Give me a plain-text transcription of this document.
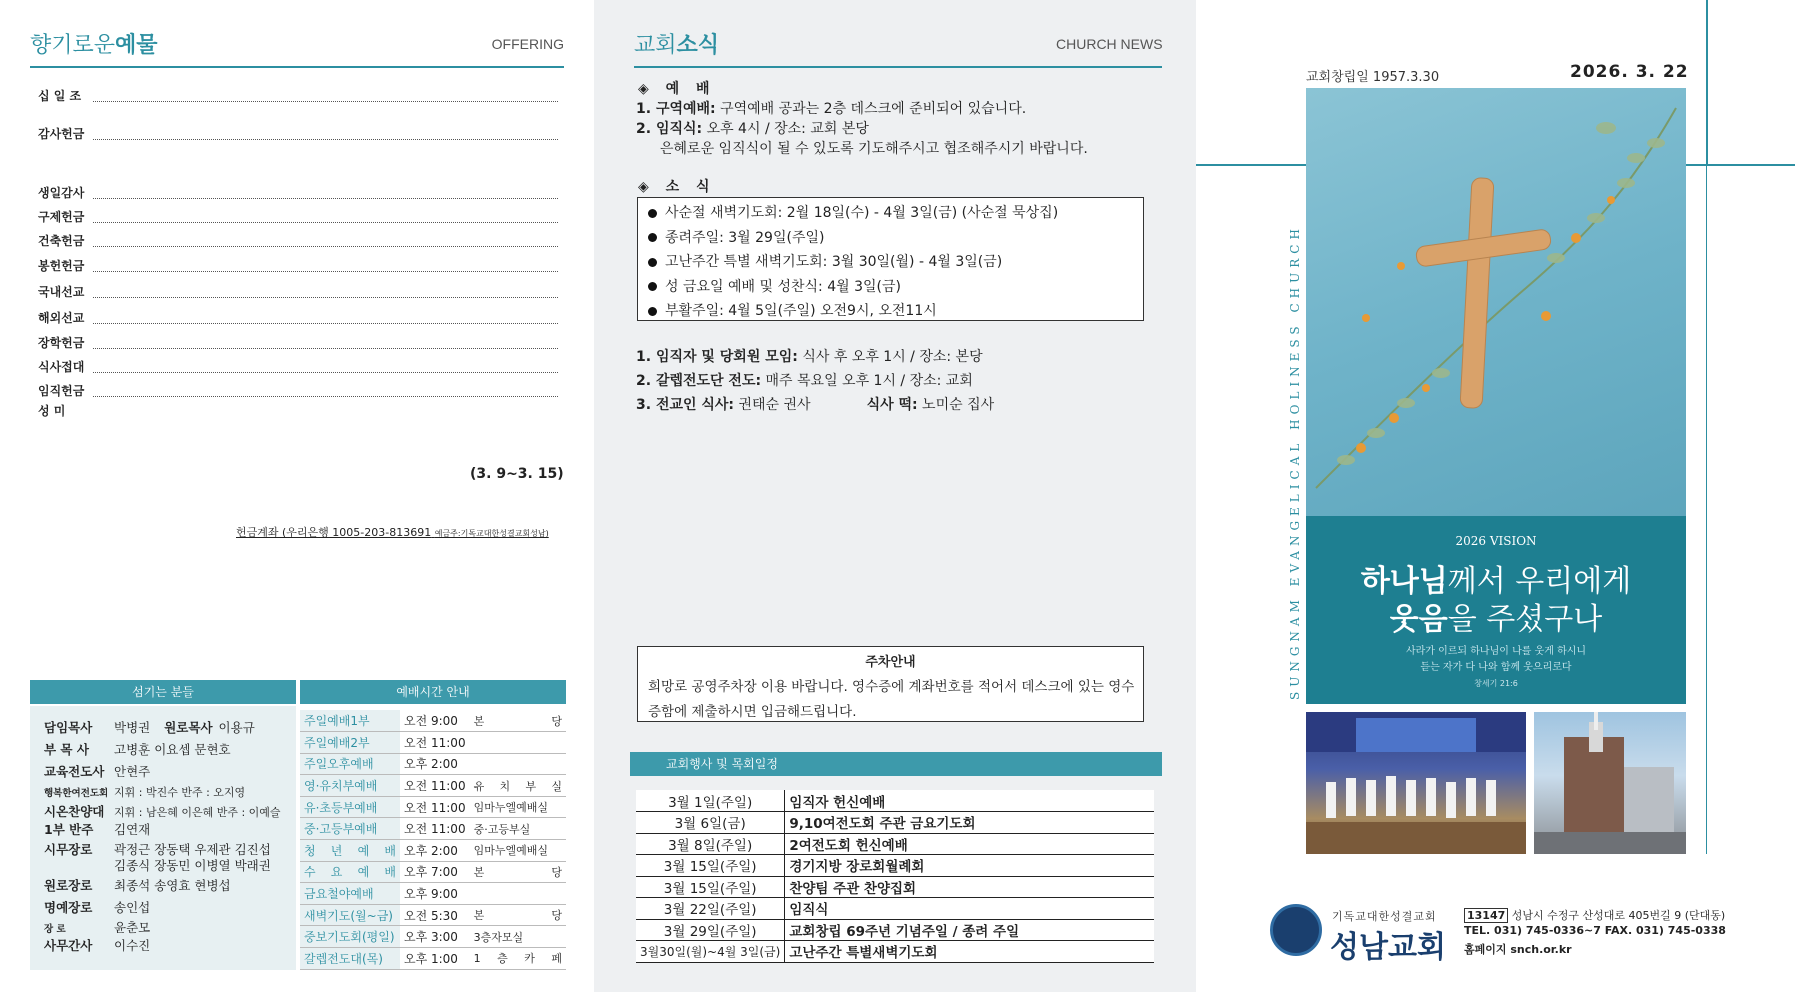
향기로운예물	OFFERING
십 일 조
감사헌금
생일감사
구제헌금
건축헌금
봉헌헌금
국내선교
해외선교
장학헌금
식사접대
임직헌금
성 미
(3. 9~3. 15)
헌금계좌 (우리은행 1005-203-813691 예금주:기독교대한성결교회성남)
섬기는 분들	예배시간 안내
담임목사 박병권 원로목사 이용규
부 목 사 고병훈 이요셉 문현호
교육전도사 안현주
행복한여전도회 지휘 : 박진수 반주 : 오지영
시온찬양대 지휘 : 남은혜 이은혜 반주 : 이예슬
1부 반주 김연재
시무장로 곽정근 장동택 우제관 김진섭
김종식 장동민 이병열 박래권
원로장로 최종석 송영효 현병섭
명예장로 송인섭
장 로	윤춘모
사무간사 이수진
주일예배1부	오전 9:00	본 당
주일예배2부	오전 11:00	
주일오후예배	오후 2:00	
영·유치부예배	오전 11:00	유 치 부 실
유·초등부예배	오전 11:00	임마누엘예배실
중·고등부예배	오전 11:00	중·고등부실
청 년 예 배	오후 2:00	임마누엘예배실
수 요 예 배	오후 7:00	본 당
금요철야예배	오후 9:00	
새벽기도(월~금)	오전 5:30	본 당
중보기도회(평일)	오후 3:00	3층자모실
갈렙전도대(목)	오후 1:00	1 층 카 페
교회소식	CHURCH NEWS
◈ 예 배
1. 구역예배: 구역예배 공과는 2층 데스크에 준비되어 있습니다.
2. 임직식: 오후 4시 / 장소: 교회 본당
은혜로운 임직식이 될 수 있도록 기도해주시고 협조해주시기 바랍니다.
◈ 소 식
사순절 새벽기도회: 2월 18일(수) - 4월 3일(금) (사순절 묵상집)
종려주일: 3월 29일(주일)
고난주간 특별 새벽기도회: 3월 30일(월) - 4월 3일(금)
성 금요일 예배 및 성찬식: 4월 3일(금)
부활주일: 4월 5일(주일) 오전9시, 오전11시
1. 임직자 및 당회원 모임: 식사 후 오후 1시 / 장소: 본당
2. 갈렙전도단 전도: 매주 목요일 오후 1시 / 장소: 교회
3. 전교인 식사: 권태순 권사	식사 떡: 노미순 집사
주차안내
희망로 공영주차장 이용 바랍니다. 영수증에 계좌번호를 적어서 데스크에 있는 영수증함에 제출하시면 입금해드립니다.
교회행사 및 목회일정
3월 1일(주일)	임직자 헌신예배
3월 6일(금)	9,10여전도회 주관 금요기도회
3월 8일(주일)	2여전도회 헌신예배
3월 15일(주일)	경기지방 장로회월례회
3월 15일(주일)	찬양팀 주관 찬양집회
3월 22일(주일)	임직식
3월 29일(주일)	교회창립 69주년 기념주일 / 종려 주일
3월30일(월)~4월 3일(금)	고난주간 특별새벽기도회
교회창립일 1957.3.30	2026. 3. 22
SUNGNAM EVANGELICAL HOLINESS CHURCH	2026 VISION
하나님께서 우리에게
웃음을 주셨구나
사라가 이르되 하나님이 나를 웃게 하시니
듣는 자가 다 나와 함께 웃으리로다
창세기 21:6
기독교대한성결교회
성남교회
13147 성남시 수정구 산성대로 405번길 9 (단대동)
TEL. 031) 745-0336~7 FAX. 031) 745-0338
홈페이지 snch.or.kr
